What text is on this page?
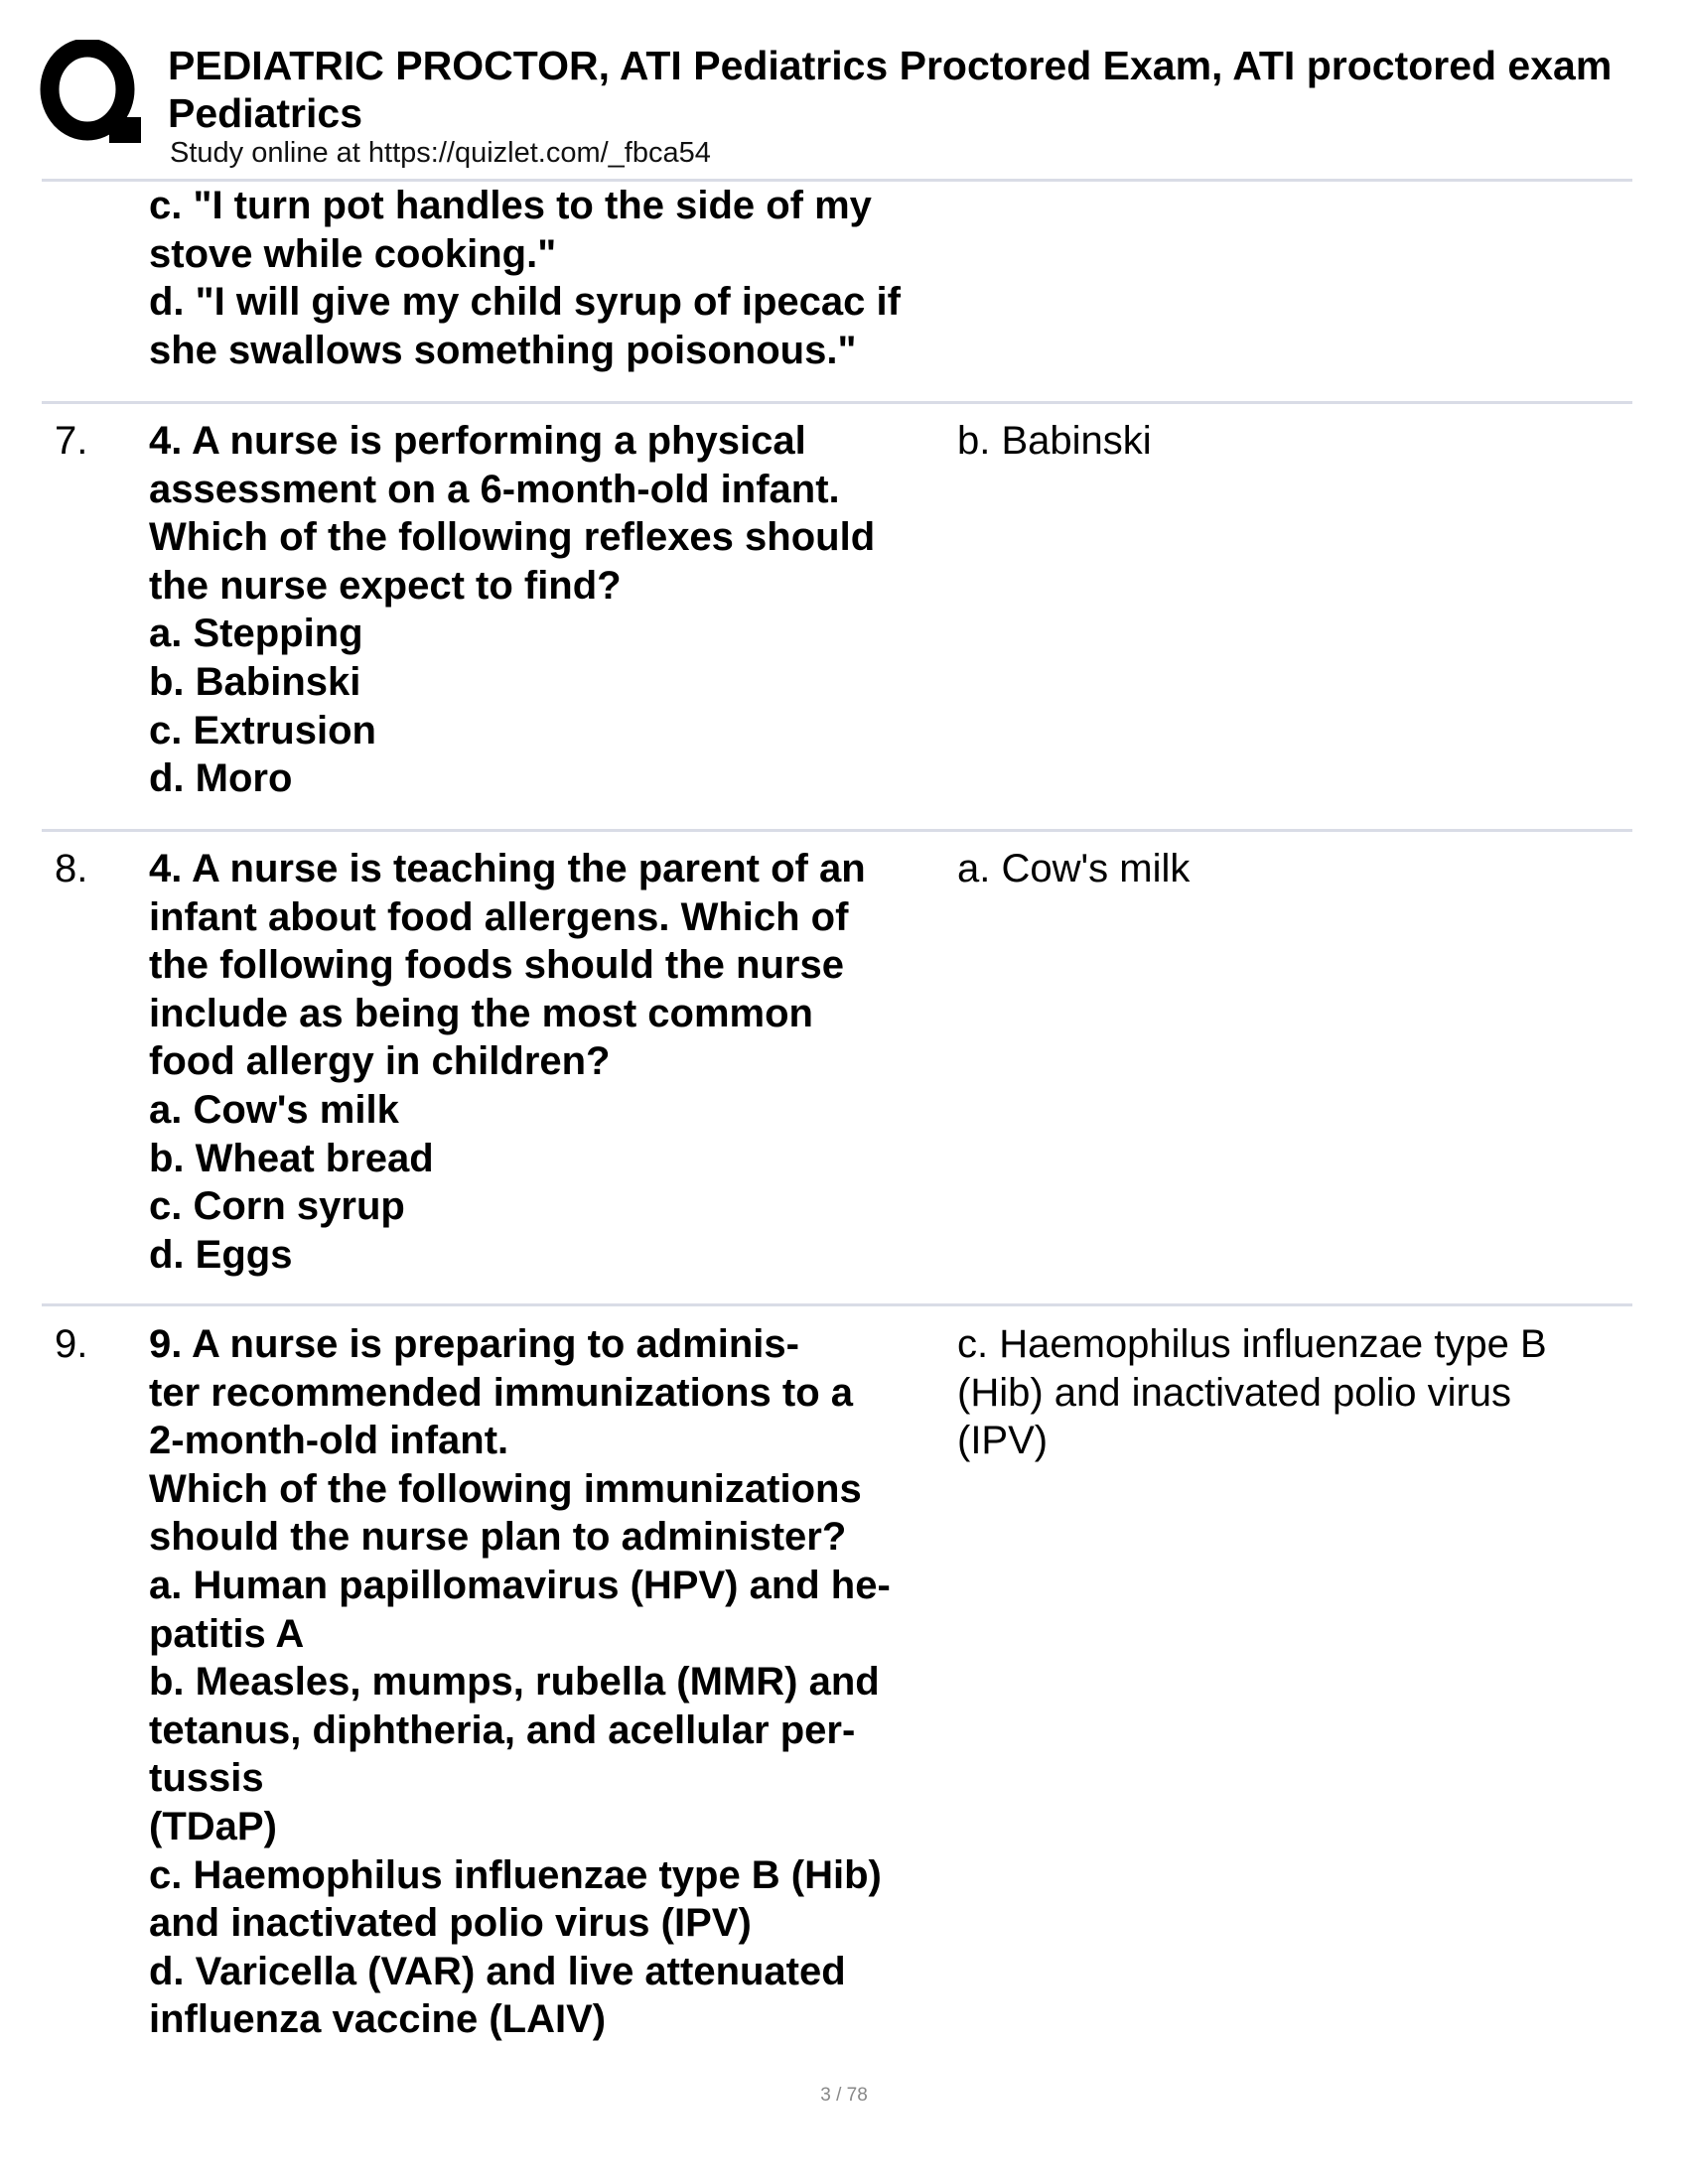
PEDIATRIC PROCTOR, ATI Pediatrics Proctored Exam, ATI proctored exam
Pediatrics
Study online at https://quizlet.com/_fbca54
c. "I turn pot handles to the side of my
stove while cooking."
d. "I will give my child syrup of ipecac if
she swallows something poisonous."
7. 4. A nurse is performing a physical
assessment on a 6-month-old infant.
Which of the following reflexes should
the nurse expect to find?
a. Stepping
b. Babinski
c. Extrusion
d. Moro
b. Babinski
8. 4. A nurse is teaching the parent of an
infant about food allergens. Which of
the following foods should the nurse
include as being the most common
food allergy in children?
a. Cow's milk
b. Wheat bread
c. Corn syrup
d. Eggs
a. Cow's milk
9. 9. A nurse is preparing to adminis-
ter recommended immunizations to a
2-month-old infant.
Which of the following immunizations
should the nurse plan to administer?
a. Human papillomavirus (HPV) and he-
patitis A
b. Measles, mumps, rubella (MMR) and
tetanus, diphtheria, and acellular per-
tussis
(TDaP)
c. Haemophilus influenzae type B (Hib)
and inactivated polio virus (IPV)
d. Varicella (VAR) and live attenuated
influenza vaccine (LAIV)
c. Haemophilus influenzae type B
(Hib) and inactivated polio virus
(IPV)
3 / 78
